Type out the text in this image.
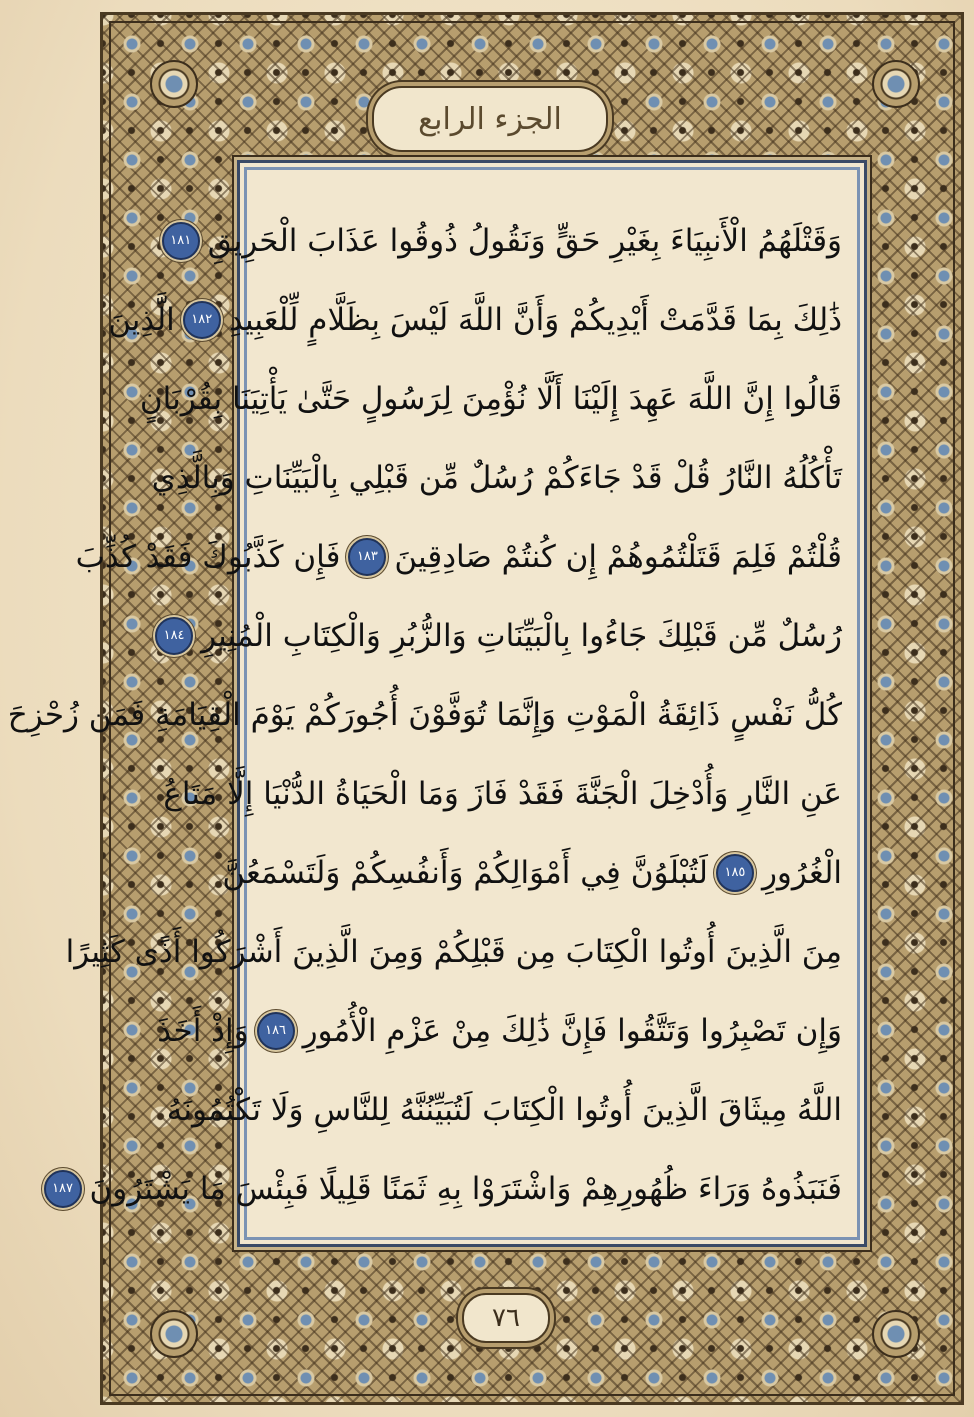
الجزء الرابع
وَقَتْلَهُمُ الْأَنبِيَاءَ بِغَيْرِ حَقٍّ وَنَقُولُ ذُوقُوا عَذَابَ الْحَرِيقِ
١٨١
ذَٰلِكَ بِمَا قَدَّمَتْ أَيْدِيكُمْ وَأَنَّ اللَّهَ لَيْسَ بِظَلَّامٍ لِّلْعَبِيدِ
١٨٢
الَّذِينَ
قَالُوا إِنَّ اللَّهَ عَهِدَ إِلَيْنَا أَلَّا نُؤْمِنَ لِرَسُولٍ حَتَّىٰ يَأْتِيَنَا بِقُرْبَانٍ
تَأْكُلُهُ النَّارُ قُلْ قَدْ جَاءَكُمْ رُسُلٌ مِّن قَبْلِي بِالْبَيِّنَاتِ وَبِالَّذِي
قُلْتُمْ فَلِمَ قَتَلْتُمُوهُمْ إِن كُنتُمْ صَادِقِينَ
١٨٣
فَإِن كَذَّبُوكَ فَقَدْ كُذِّبَ
رُسُلٌ مِّن قَبْلِكَ جَاءُوا بِالْبَيِّنَاتِ وَالزُّبُرِ وَالْكِتَابِ الْمُنِيرِ
١٨٤
كُلُّ نَفْسٍ ذَائِقَةُ الْمَوْتِ وَإِنَّمَا تُوَفَّوْنَ أُجُورَكُمْ يَوْمَ الْقِيَامَةِ فَمَن زُحْزِحَ
عَنِ النَّارِ وَأُدْخِلَ الْجَنَّةَ فَقَدْ فَازَ وَمَا الْحَيَاةُ الدُّنْيَا إِلَّا مَتَاعُ
الْغُرُورِ
١٨٥
لَتُبْلَوُنَّ فِي أَمْوَالِكُمْ وَأَنفُسِكُمْ وَلَتَسْمَعُنَّ
مِنَ الَّذِينَ أُوتُوا الْكِتَابَ مِن قَبْلِكُمْ وَمِنَ الَّذِينَ أَشْرَكُوا أَذًى كَثِيرًا
وَإِن تَصْبِرُوا وَتَتَّقُوا فَإِنَّ ذَٰلِكَ مِنْ عَزْمِ الْأُمُورِ
١٨٦
وَإِذْ أَخَذَ
اللَّهُ مِيثَاقَ الَّذِينَ أُوتُوا الْكِتَابَ لَتُبَيِّنُنَّهُ لِلنَّاسِ وَلَا تَكْتُمُونَهُ
فَنَبَذُوهُ وَرَاءَ ظُهُورِهِمْ وَاشْتَرَوْا بِهِ ثَمَنًا قَلِيلًا فَبِئْسَ مَا يَشْتَرُونَ
١٨٧
٧٦
